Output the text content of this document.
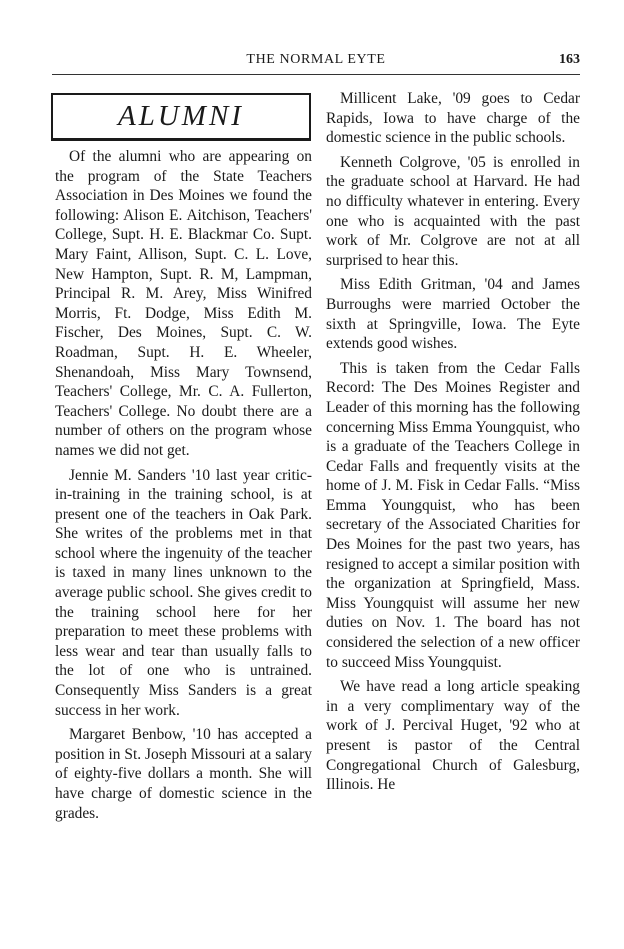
THE NORMAL EYTE	163
ALUMNI

Of the alumni who are appearing on the program of the State Teachers Association in Des Moines we found the following: Alison E. Aitchison, Teachers' College, Supt. H. E. Blackmar Co. Supt. Mary Faint, Allison, Supt. C. L. Love, New Hampton, Supt. R. M, Lampman, Principal R. M. Arey, Miss Winifred Morris, Ft. Dodge, Miss Edith M. Fischer, Des Moines, Supt. C. W. Roadman, Supt. H. E. Wheeler, Shenandoah, Miss Mary Townsend, Teachers' College, Mr. C. A. Fullerton, Teachers' College. No doubt there are a number of others on the program whose names we did not get.

Jennie M. Sanders '10 last year critic-in-training in the training school, is at present one of the teachers in Oak Park. She writes of the problems met in that school where the ingenuity of the teacher is taxed in many lines unknown to the average public school. She gives credit to the training school here for her preparation to meet these problems with less wear and tear than usually falls to the lot of one who is untrained. Consequently Miss Sanders is a great success in her work.

Margaret Benbow, '10 has accepted a position in St. Joseph Missouri at a salary of eighty-five dollars a month. She will have charge of domestic science in the grades.

Millicent Lake, '09 goes to Cedar Rapids, Iowa to have charge of the domestic science in the public schools.

Kenneth Colgrove, '05 is enrolled in the graduate school at Harvard. He had no difficulty whatever in entering. Every one who is acquainted with the past work of Mr. Colgrove are not at all surprised to hear this.

Miss Edith Gritman, '04 and James Burroughs were married October the sixth at Springville, Iowa. The Eyte extends good wishes.

This is taken from the Cedar Falls Record: The Des Moines Register and Leader of this morning has the following concerning Miss Emma Youngquist, who is a graduate of the Teachers College in Cedar Falls and frequently visits at the home of J. M. Fisk in Cedar Falls. “Miss Emma Youngquist, who has been secretary of the Associated Charities for Des Moines for the past two years, has resigned to accept a similar position with the organization at Springfield, Mass. Miss Youngquist will assume her new duties on Nov. 1. The board has not considered the selection of a new officer to succeed Miss Youngquist.

We have read a long article speaking in a very complimentary way of the work of J. Percival Huget, '92 who at present is pastor of the Central Congregational Church of Galesburg, Illinois. He
